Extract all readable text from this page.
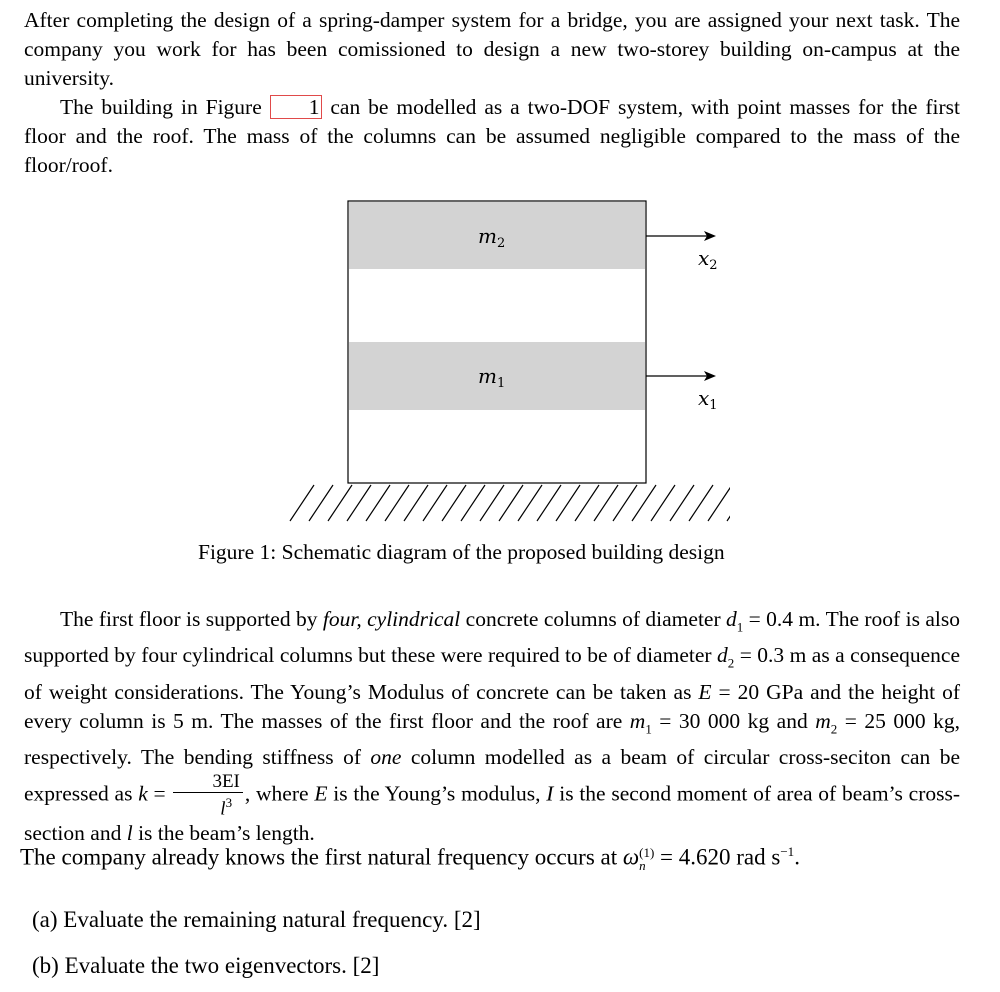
After completing the design of a spring-damper system for a bridge, you are assigned your next task. The company you work for has been comissioned to design a new two-storey building on-campus at the university.
The building in Figure 1 can be modelled as a two-DOF system, with point masses for the first floor and the roof. The mass of the columns can be assumed negligible compared to the mass of the floor/roof.
$m_2$
$m_1$
$x_2$
$x_1$
Figure 1: Schematic diagram of the proposed building design
The first floor is supported by four, cylindrical concrete columns of diameter $d_1 = 0.4$ m. The roof is also supported by four cylindrical columns but these were required to be of diameter $d_2 = 0.3$ m as a consequence of weight considerations. The Young’s Modulus of concrete can be taken as E = 20 GPa and the height of every column is 5 m. The masses of the first floor and the roof are $m_1 = 30$ 000 kg and $m_2 = 25$ 000 kg, respectively. The bending stiffness of one column modelled as a beam of circular cross-seciton can be expressed as $k = \frac{3EI}{l^3}$ , where E is the Young’s modulus, I is the second moment of area of beam’s cross-section and l is the beam’s length.
The company already knows the first natural frequency occurs at ω (1)
n = 4.620 rad $s^{-1}$.
(a) Evaluate the remaining natural frequency. [2]
(b) Evaluate the two eigenvectors. [2]
